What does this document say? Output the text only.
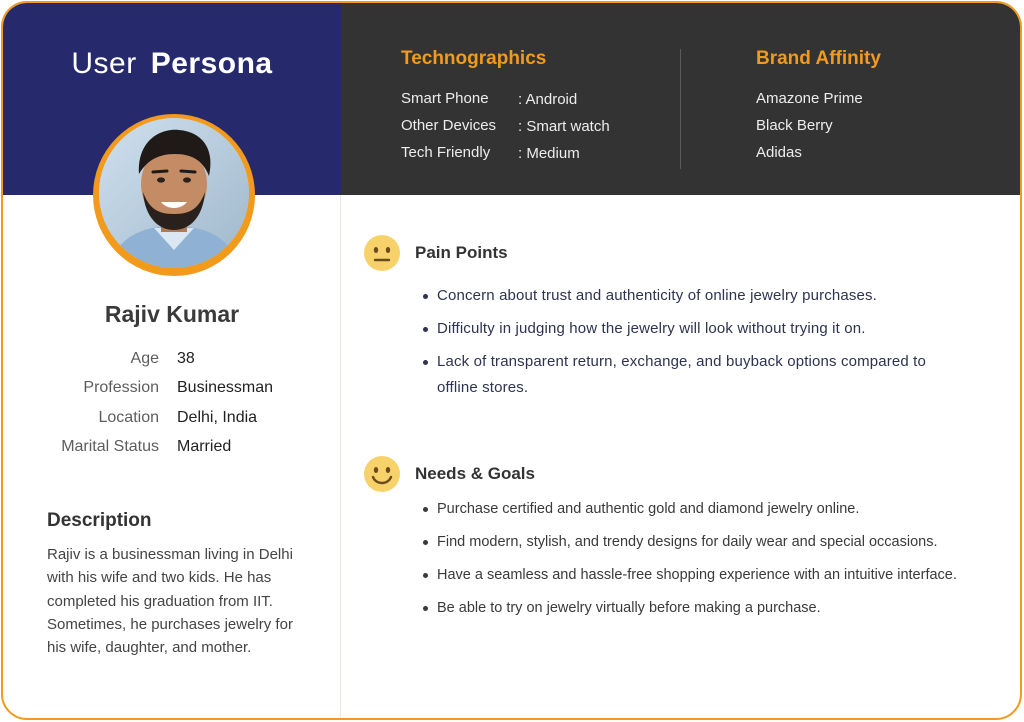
User Persona
Rajiv Kumar
Age 38
Profession Businessman
Location Delhi, India
Marital Status Married
Description
Rajiv is a businessman living in Delhi with his wife and two kids. He has completed his graduation from IIT. Sometimes, he purchases jewelry for his wife, daughter, and mother.
Technographics
Smart Phone : Android
Other Devices : Smart watch
Tech Friendly : Medium
Brand Affinity
Amazone Prime
Black Berry
Adidas
Pain Points
Concern about trust and authenticity of online jewelry purchases.
Difficulty in judging how the jewelry will look without trying it on.
Lack of transparent return, exchange, and buyback options compared to offline stores.
Needs & Goals
Purchase certified and authentic gold and diamond jewelry online.
Find modern, stylish, and trendy designs for daily wear and special occasions.
Have a seamless and hassle-free shopping experience with an intuitive interface.
Be able to try on jewelry virtually before making a purchase.
